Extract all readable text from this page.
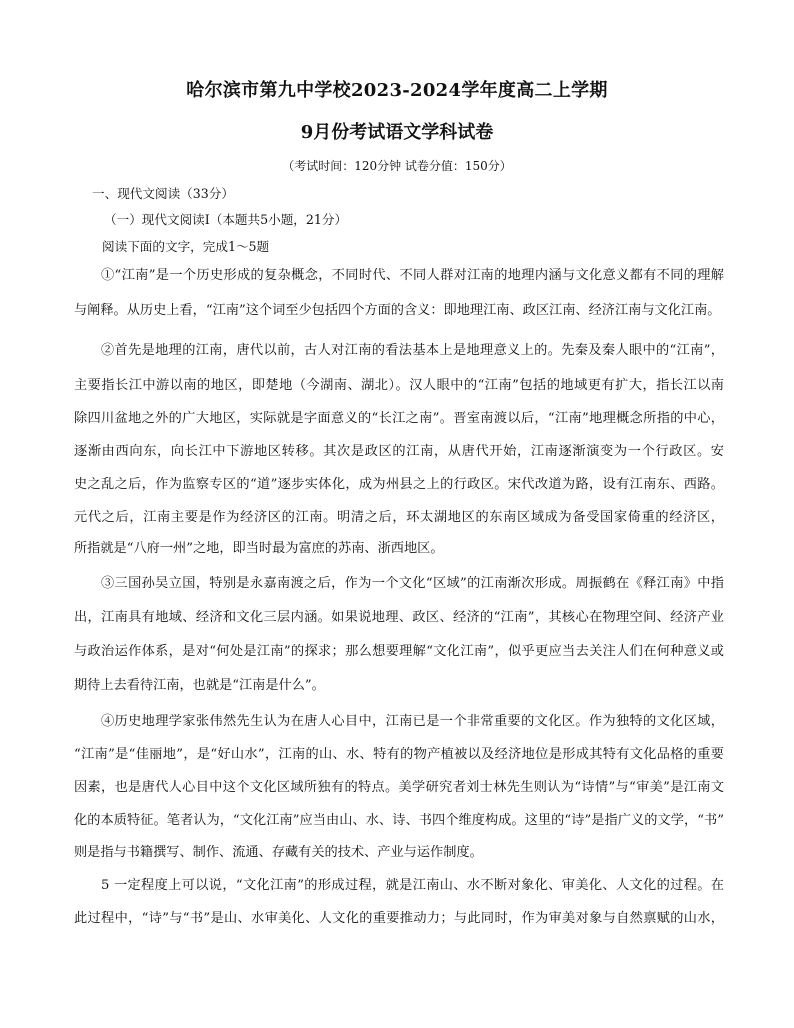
哈尔滨市第九中学校2023-2024学年度高二上学期
9月份考试语文学科试卷
（考试时间：120分钟 试卷分值：150分）
一、现代文阅读（33分）
（一）现代文阅读I（本题共5小题，21分）
阅读下面的文字，完成1～5题
①“江南”是一个历史形成的复杂概念，不同时代、不同人群对江南的地理内涵与文化意义都有不同的理解
与阐释。从历史上看，“江南”这个词至少包括四个方面的含义：即地理江南、政区江南、经济江南与文化江南。
②首先是地理的江南，唐代以前，古人对江南的看法基本上是地理意义上的。先秦及秦人眼中的“江南”，
主要指长江中游以南的地区，即楚地（今湖南、湖北）。汉人眼中的“江南”包括的地域更有扩大，指长江以南
除四川盆地之外的广大地区，实际就是字面意义的“长江之南”。晋室南渡以后，“江南”地理概念所指的中心，
逐渐由西向东，向长江中下游地区转移。其次是政区的江南，从唐代开始，江南逐渐演变为一个行政区。安
史之乱之后，作为监察专区的“道”逐步实体化，成为州县之上的行政区。宋代改道为路，设有江南东、西路。
元代之后，江南主要是作为经济区的江南。明清之后，环太湖地区的东南区域成为备受国家倚重的经济区，
所指就是“八府一州”之地，即当时最为富庶的苏南、浙西地区。
③三国孙吴立国，特别是永嘉南渡之后，作为一个文化“区域”的江南渐次形成。周振鹤在《释江南》中指
出，江南具有地域、经济和文化三层内涵。如果说地理、政区、经济的“江南”，其核心在物理空间、经济产业
与政治运作体系，是对“何处是江南”的探求；那么想要理解“文化江南”，似乎更应当去关注人们在何种意义或
期待上去看待江南，也就是“江南是什么”。
④历史地理学家张伟然先生认为在唐人心目中，江南已是一个非常重要的文化区。作为独特的文化区域，
“江南”是“佳丽地”，是“好山水”，江南的山、水、特有的物产植被以及经济地位是形成其特有文化品格的重要
因素，也是唐代人心目中这个文化区域所独有的特点。美学研究者刘士林先生则认为“诗情”与“审美”是江南文
化的本质特征。笔者认为，“文化江南”应当由山、水、诗、书四个维度构成。这里的“诗”是指广义的文学，“书”
则是指与书籍撰写、制作、流通、存藏有关的技术、产业与运作制度。
5 一定程度上可以说，“文化江南”的形成过程，就是江南山、水不断对象化、审美化、人文化的过程。在
此过程中，“诗”与“书”是山、水审美化、人文化的重要推动力；与此同时，作为审美对象与自然禀赋的山水，
